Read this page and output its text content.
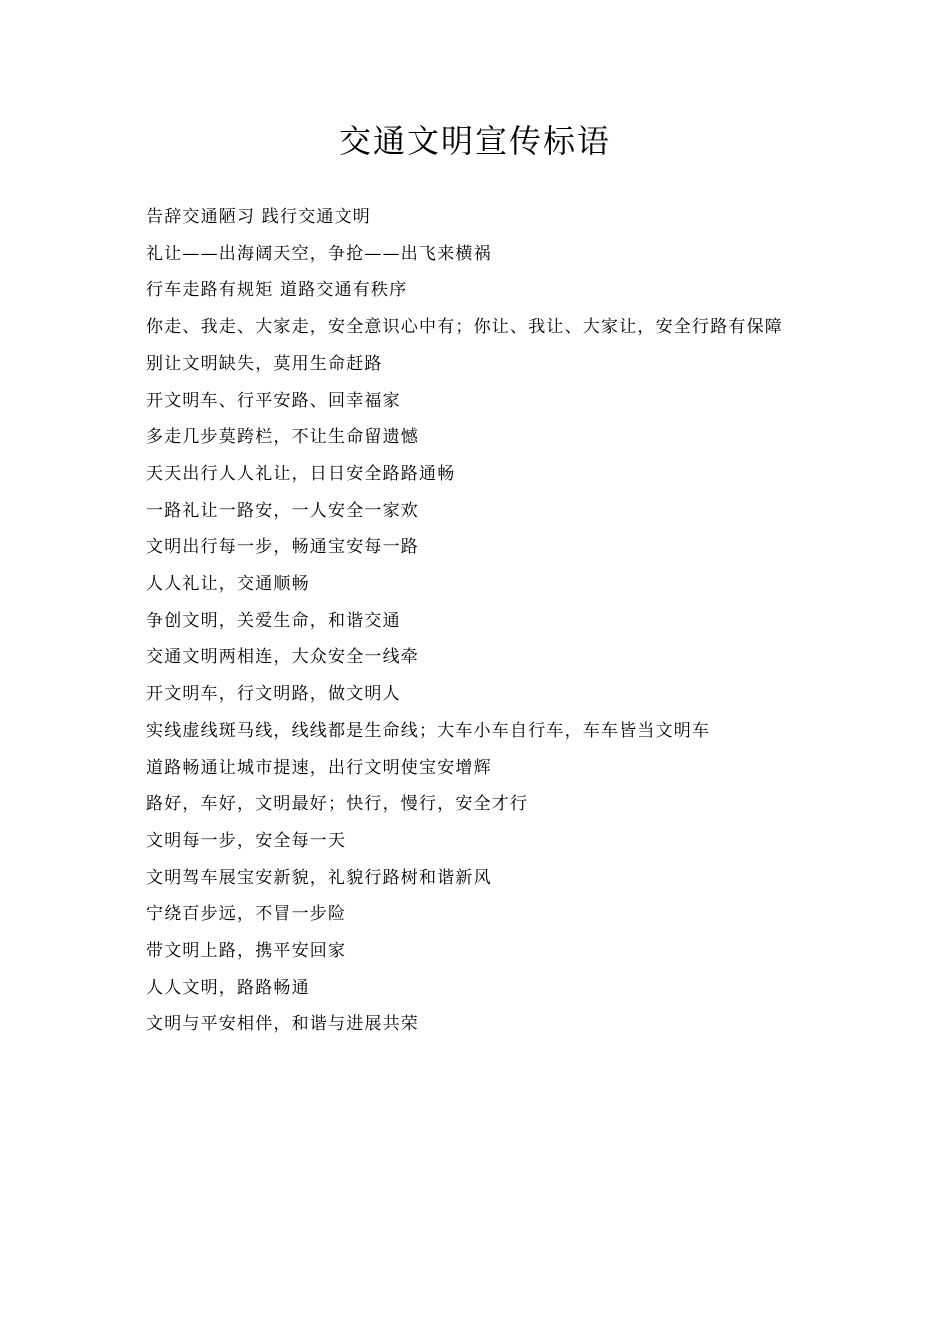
交通文明宣传标语
告辞交通陋习 践行交通文明
礼让——出海阔天空，争抢——出飞来横祸
行车走路有规矩 道路交通有秩序
你走、我走、大家走，安全意识心中有；你让、我让、大家让，安全行路有保障
别让文明缺失，莫用生命赶路
开文明车、行平安路、回幸福家
多走几步莫跨栏，不让生命留遗憾
天天出行人人礼让，日日安全路路通畅
一路礼让一路安，一人安全一家欢
文明出行每一步，畅通宝安每一路
人人礼让，交通顺畅
争创文明，关爱生命，和谐交通
交通文明两相连，大众安全一线牵
开文明车，行文明路，做文明人
实线虚线斑马线，线线都是生命线；大车小车自行车，车车皆当文明车
道路畅通让城市提速，出行文明使宝安增辉
路好，车好，文明最好；快行，慢行，安全才行
文明每一步，安全每一天
文明驾车展宝安新貌，礼貌行路树和谐新风
宁绕百步远，不冒一步险
带文明上路，携平安回家
人人文明，路路畅通
文明与平安相伴，和谐与进展共荣
